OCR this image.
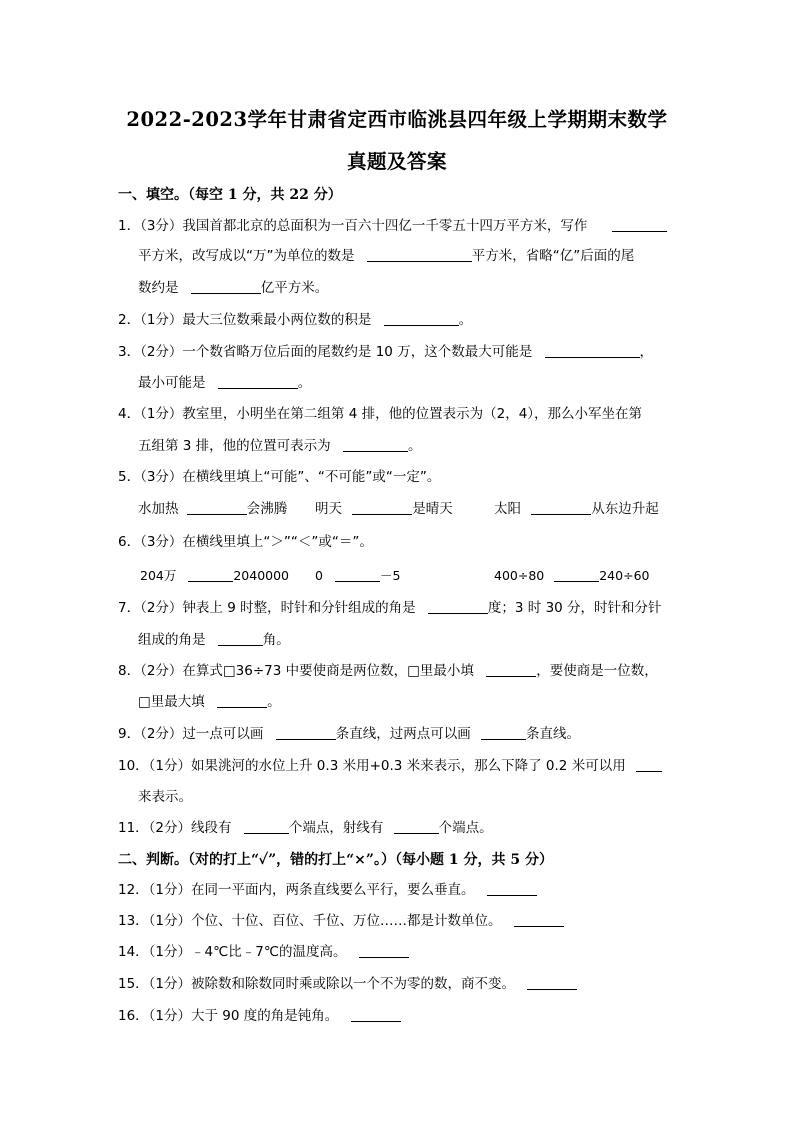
2022-2023学年甘肃省定西市临洮县四年级上学期期末数学
真题及答案
一、填空。（每空 1 分，共 22 分）
1．（3分）我国首都北京的总面积为一百六十四亿一千零五十四万平方米，写作
平方米，改写成以“万”为单位的数是	平方米，省略“亿”后面的尾
数约是	亿平方米。
2．（1分）最大三位数乘最小两位数的积是	。
3．（2分）一个数省略万位后面的尾数约是 10 万，这个数最大可能是	，
最小可能是	。
4．（1分）教室里，小明坐在第二组第 4 排，他的位置表示为（2，4），那么小军坐在第
五组第 3 排，他的位置可表示为	。
5．（3分）在横线里填上“可能”、“不可能”或“一定”。
水加热	会沸腾 明天	是晴天	太阳	从东边升起
6．（3分）在横线里填上“＞”“＜”或“＝”。
204万	2040000 0	－5	400÷80	240÷60
7．（2分）钟表上 9 时整，时针和分针组成的角是	度；3 时 30 分，时针和分针
组成的角是	角。
8．（2分）在算式□36÷73 中要使商是两位数，□里最小填	，要使商是一位数，
□里最大填	。
9．（2分）过一点可以画	条直线，过两点可以画	条直线。
10．（1分）如果洮河的水位上升 0.3 米用+0.3 米来表示，那么下降了 0.2 米可以用
来表示。
11．（2分）线段有	个端点，射线有	个端点。
二、判断。（对的打上“✓”，错的打上“×”。）（每小题 1 分，共 5 分）
12．（1分）在同一平面内，两条直线要么平行，要么垂直。
13．（1分）个位、十位、百位、千位、万位……都是计数单位。
14．（1分）﹣4℃比﹣7℃的温度高。
15．（1分）被除数和除数同时乘或除以一个不为零的数，商不变。
16．（1分）大于 90 度的角是钝角。
